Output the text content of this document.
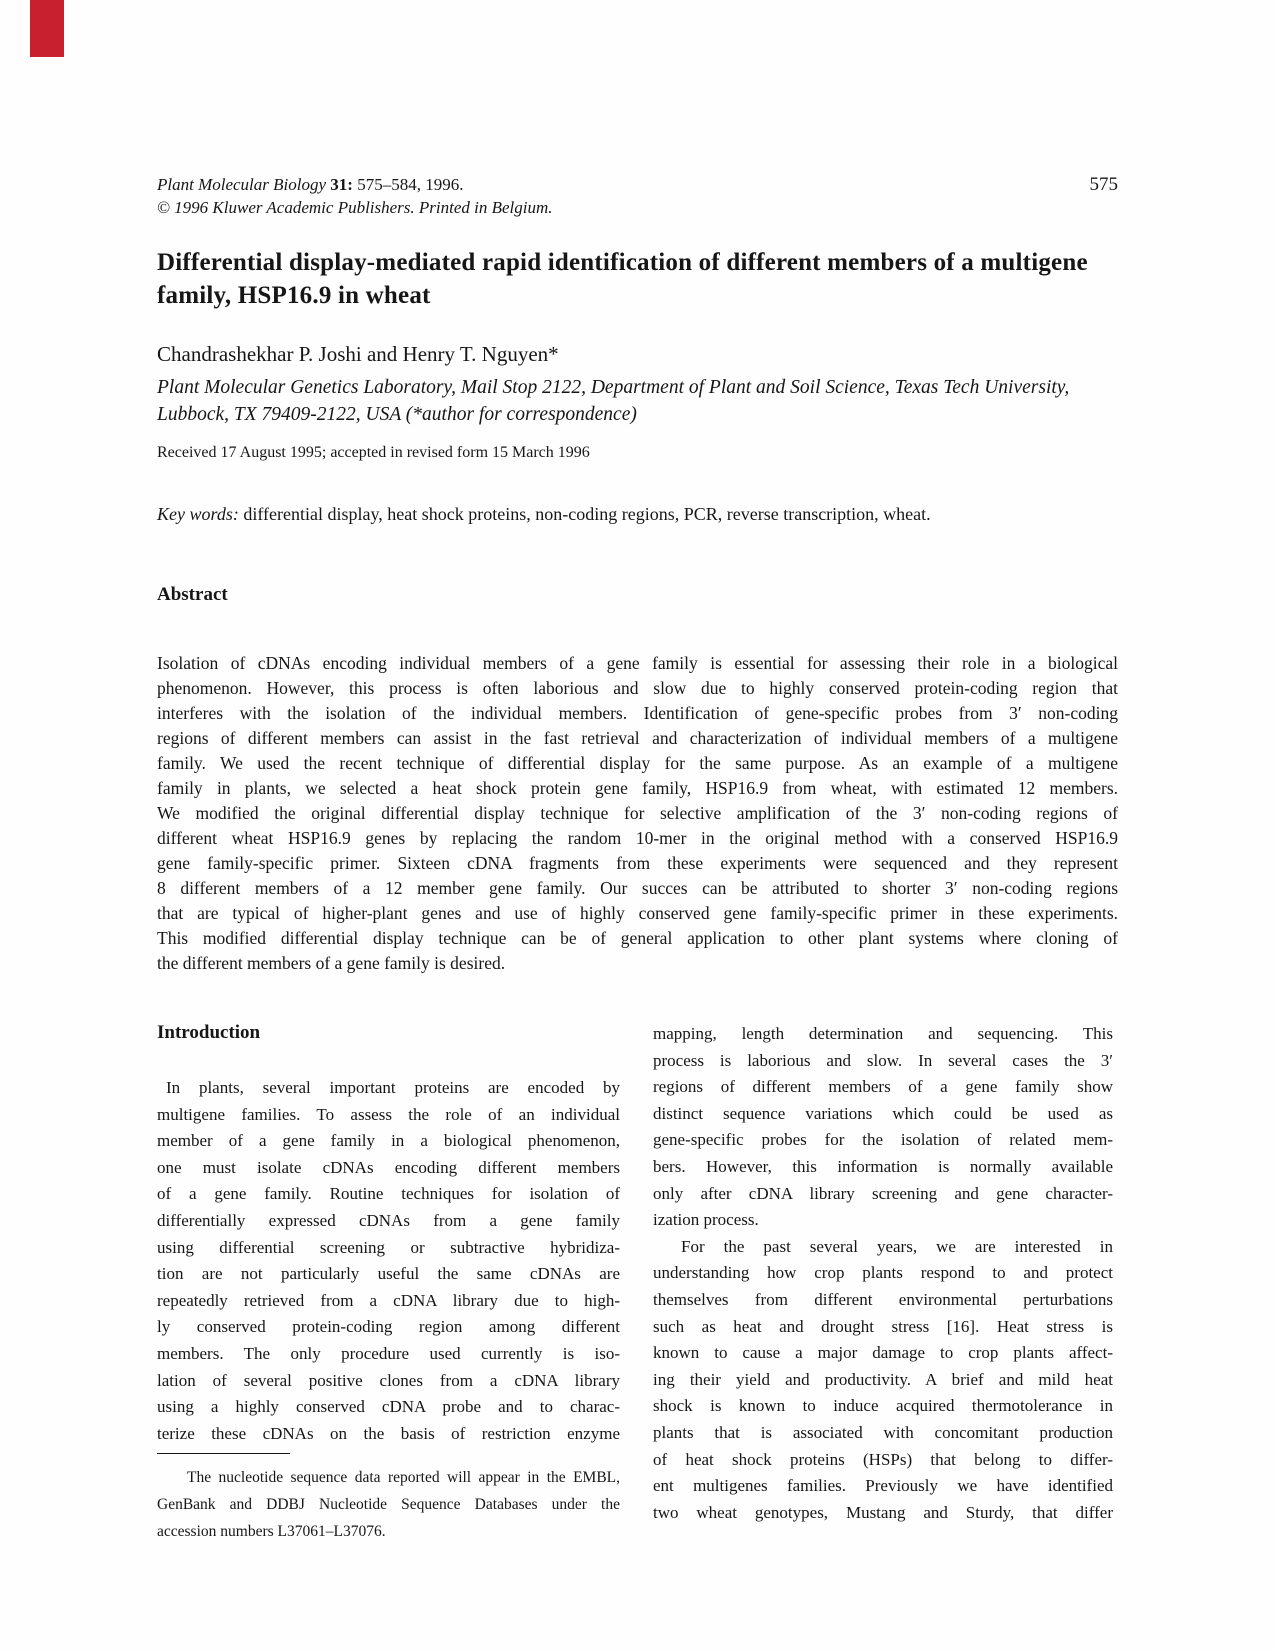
Plant Molecular Biology 31: 575–584, 1996.	575
© 1996 Kluwer Academic Publishers. Printed in Belgium.
Differential display-mediated rapid identification of different members of a multigene family, HSP16.9 in wheat
Chandrashekhar P. Joshi and Henry T. Nguyen*
Plant Molecular Genetics Laboratory, Mail Stop 2122, Department of Plant and Soil Science, Texas Tech University, Lubbock, TX 79409-2122, USA (*author for correspondence)
Received 17 August 1995; accepted in revised form 15 March 1996
Key words: differential display, heat shock proteins, non-coding regions, PCR, reverse transcription, wheat.
Abstract
Isolation of cDNAs encoding individual members of a gene family is essential for assessing their role in a biological
phenomenon. However, this process is often laborious and slow due to highly conserved protein-coding region that
interferes with the isolation of the individual members. Identification of gene-specific probes from 3′ non-coding
regions of different members can assist in the fast retrieval and characterization of individual members of a multigene
family. We used the recent technique of differential display for the same purpose. As an example of a multigene
family in plants, we selected a heat shock protein gene family, HSP16.9 from wheat, with estimated 12 members.
We modified the original differential display technique for selective amplification of the 3′ non-coding regions of
different wheat HSP16.9 genes by replacing the random 10-mer in the original method with a conserved HSP16.9
gene family-specific primer. Sixteen cDNA fragments from these experiments were sequenced and they represent
8 different members of a 12 member gene family. Our succes can be attributed to shorter 3′ non-coding regions
that are typical of higher-plant genes and use of highly conserved gene family-specific primer in these experiments.
This modified differential display technique can be of general application to other plant systems where cloning of
the different members of a gene family is desired.
Introduction
In plants, several important proteins are encoded by
multigene families. To assess the role of an individual
member of a gene family in a biological phenomenon,
one must isolate cDNAs encoding different members
of a gene family. Routine techniques for isolation of
differentially expressed cDNAs from a gene family
using differential screening or subtractive hybridiza-
tion are not particularly useful the same cDNAs are
repeatedly retrieved from a cDNA library due to high-
ly conserved protein-coding region among different
members. The only procedure used currently is iso-
lation of several positive clones from a cDNA library
using a highly conserved cDNA probe and to charac-
terize these cDNAs on the basis of restriction enzyme
mapping, length determination and sequencing. This
process is laborious and slow. In several cases the 3′
regions of different members of a gene family show
distinct sequence variations which could be used as
gene-specific probes for the isolation of related mem-
bers. However, this information is normally available
only after cDNA library screening and gene character-
ization process.
For the past several years, we are interested in
understanding how crop plants respond to and protect
themselves from different environmental perturbations
such as heat and drought stress [16]. Heat stress is
known to cause a major damage to crop plants affect-
ing their yield and productivity. A brief and mild heat
shock is known to induce acquired thermotolerance in
plants that is associated with concomitant production
of heat shock proteins (HSPs) that belong to differ-
ent multigenes families. Previously we have identified
two wheat genotypes, Mustang and Sturdy, that differ
The nucleotide sequence data reported will appear in the EMBL,
GenBank and DDBJ Nucleotide Sequence Databases under the
accession numbers L37061–L37076.
